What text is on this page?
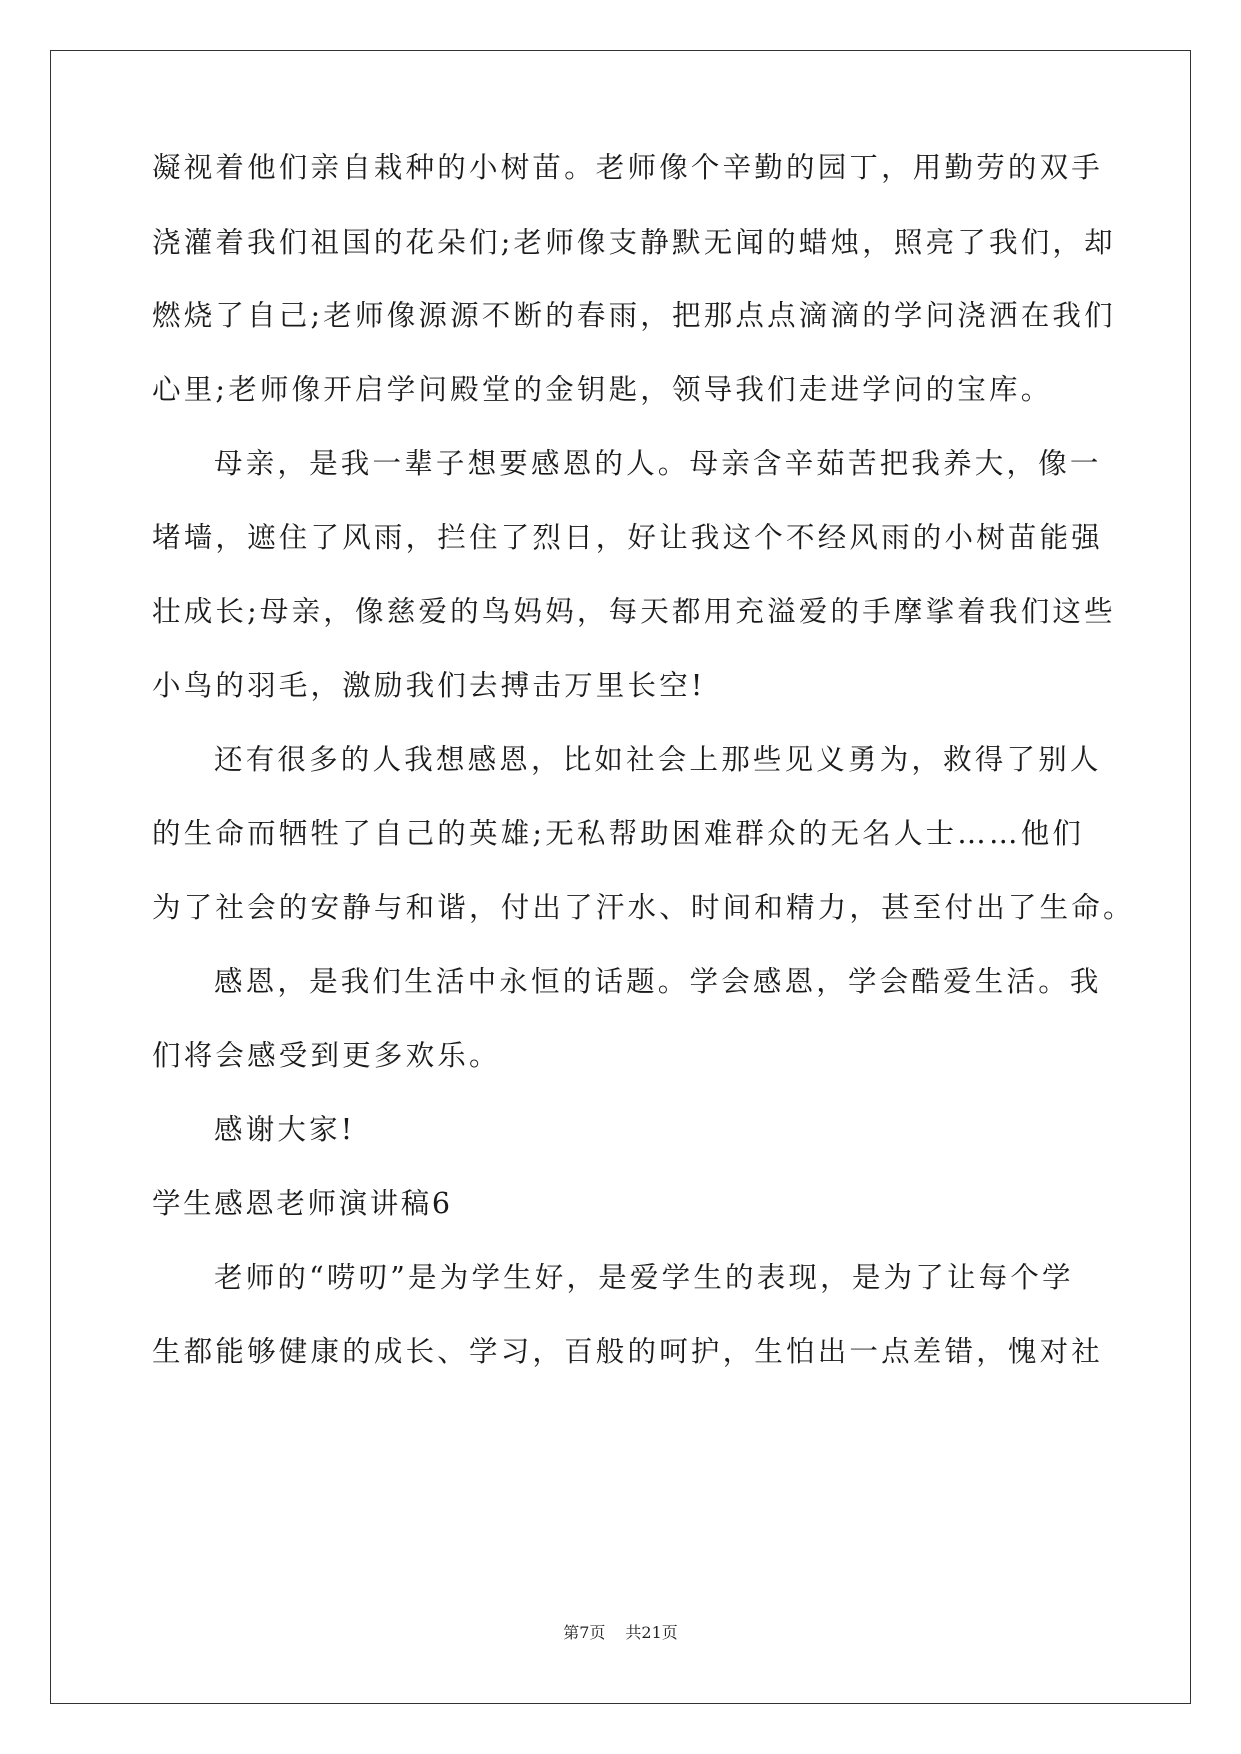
凝视着他们亲自栽种的小树苗。老师像个辛勤的园丁，用勤劳的双手
浇灌着我们祖国的花朵们;老师像支静默无闻的蜡烛，照亮了我们，却
燃烧了自己;老师像源源不断的春雨，把那点点滴滴的学问浇洒在我们
心里;老师像开启学问殿堂的金钥匙，领导我们走进学问的宝库。
母亲，是我一辈子想要感恩的人。母亲含辛茹苦把我养大，像一
堵墙，遮住了风雨，拦住了烈日，好让我这个不经风雨的小树苗能强
壮成长;母亲，像慈爱的鸟妈妈，每天都用充溢爱的手摩挲着我们这些
小鸟的羽毛，激励我们去搏击万里长空!
还有很多的人我想感恩，比如社会上那些见义勇为，救得了别人
的生命而牺牲了自己的英雄;无私帮助困难群众的无名人士……他们
为了社会的安静与和谐，付出了汗水、时间和精力，甚至付出了生命。
感恩，是我们生活中永恒的话题。学会感恩，学会酷爱生活。我
们将会感受到更多欢乐。
感谢大家!
学生感恩老师演讲稿6
老师的“唠叨”是为学生好，是爱学生的表现，是为了让每个学
生都能够健康的成长、学习，百般的呵护，生怕出一点差错，愧对社
第7页 共21页
